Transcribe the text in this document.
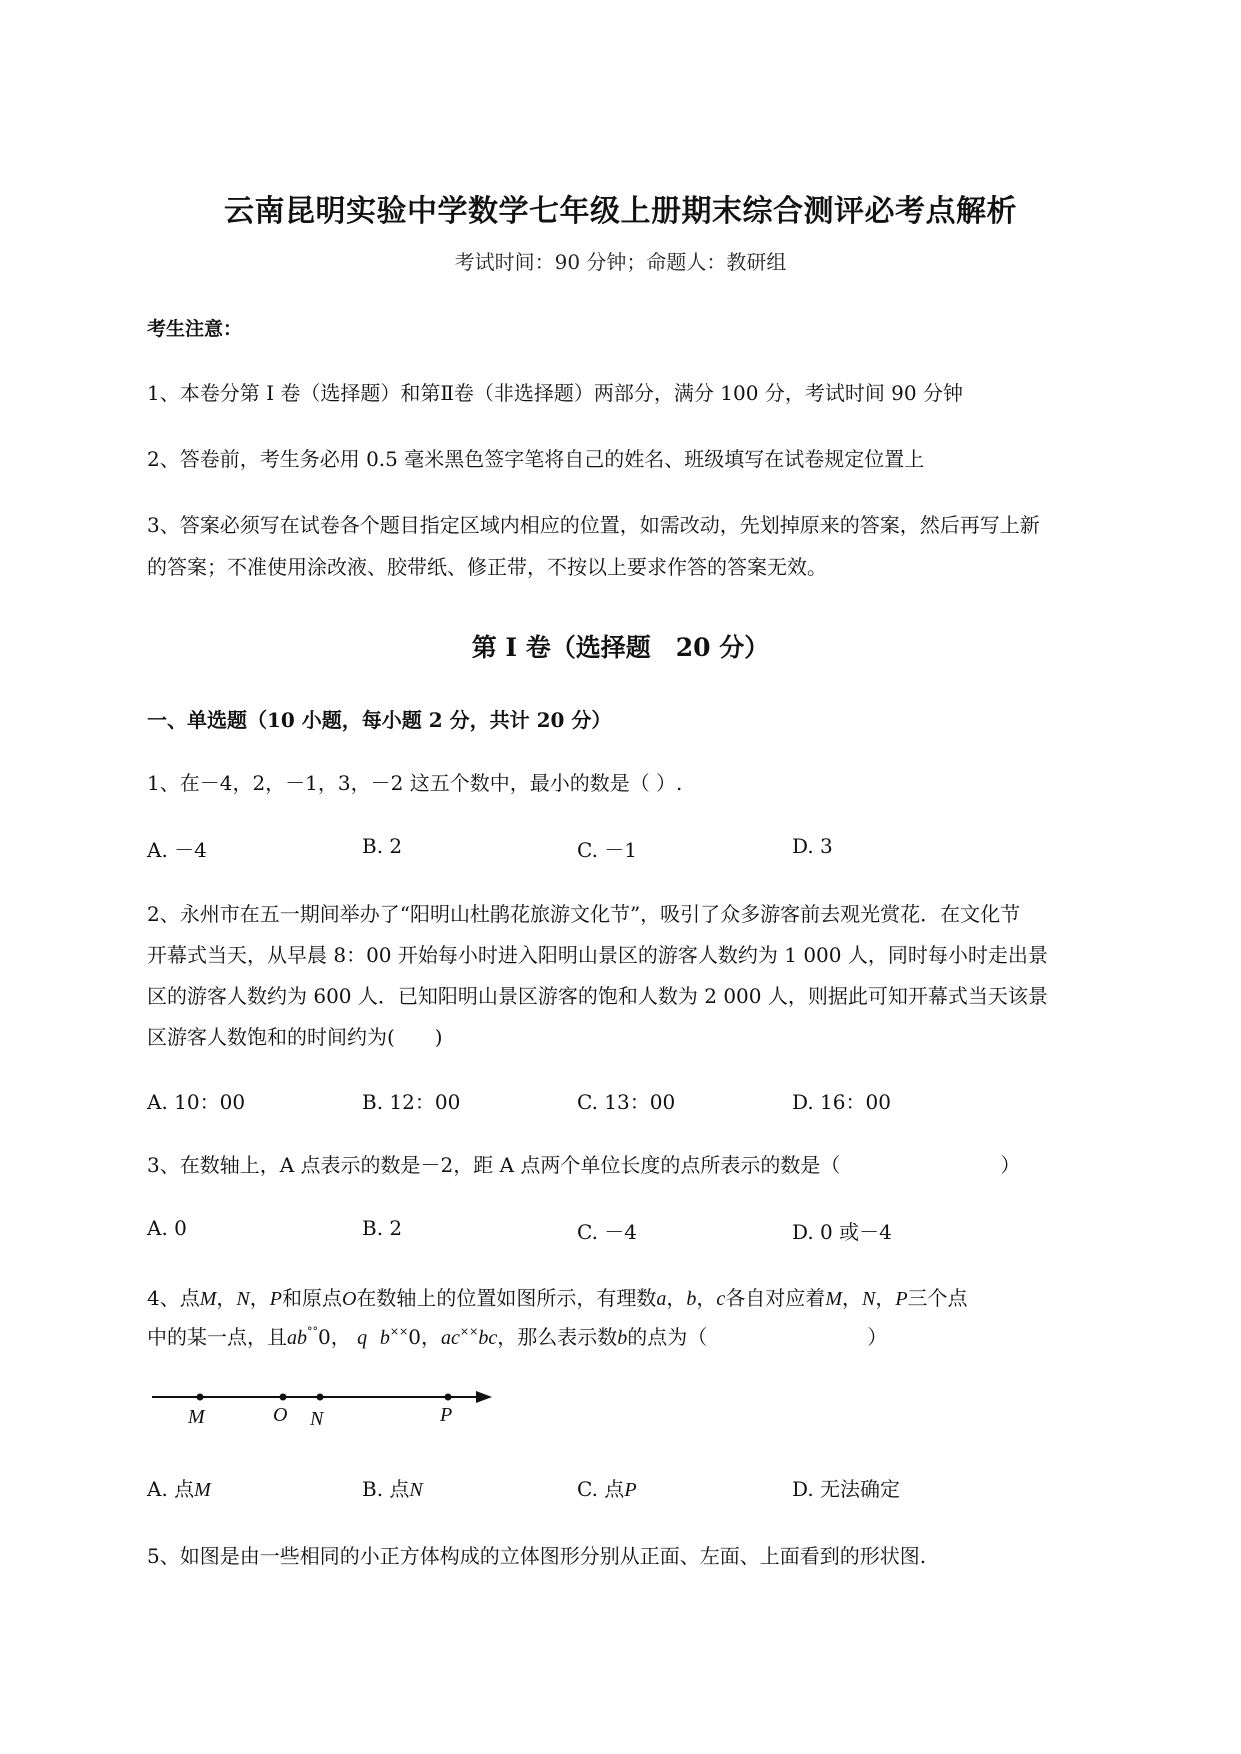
云南昆明实验中学数学七年级上册期末综合测评必考点解析
考试时间：90 分钟；命题人：教研组
考生注意：
1、本卷分第 I 卷（选择题）和第Ⅱ卷（非选择题）两部分，满分 100 分，考试时间 90 分钟
2、答卷前，考生务必用 0.5 毫米黑色签字笔将自己的姓名、班级填写在试卷规定位置上
3、答案必须写在试卷各个题目指定区域内相应的位置，如需改动，先划掉原来的答案，然后再写上新
的答案；不准使用涂改液、胶带纸、修正带，不按以上要求作答的答案无效。
第 I 卷（选择题　20 分）
一、单选题（10 小题，每小题 2 分，共计 20 分）
1、在－4，2，－1，3，－2 这五个数中，最小的数是（ ）.
A. －4	B. 2	C. －1	D. 3
2、永州市在五一期间举办了“阳明山杜鹃花旅游文化节”，吸引了众多游客前去观光赏花．在文化节
开幕式当天，从早晨 8：00 开始每小时进入阳明山景区的游客人数约为 1 000 人，同时每小时走出景
区的游客人数约为 600 人．已知阳明山景区游客的饱和人数为 2 000 人，则据此可知开幕式当天该景
区游客人数饱和的时间约为(　　)
A. 10：00	B. 12：00	C. 13：00	D. 16：00
3、在数轴上，A 点表示的数是－2，距 A 点两个单位长度的点所表示的数是（　　　　　　　　）
A. 0	B. 2	C. －4	D. 0 或－4
4、点M，N，P和原点O在数轴上的位置如图所示，有理数a，b，c各自对应着M，N，P三个点
中的某一点，且ab°°0， q b××0，ac××bc，那么表示数b的点为（　　　　　　　　）
M	O N	P
A. 点M	B. 点N	C. 点P	D. 无法确定
5、如图是由一些相同的小正方体构成的立体图形分别从正面、左面、上面看到的形状图.
